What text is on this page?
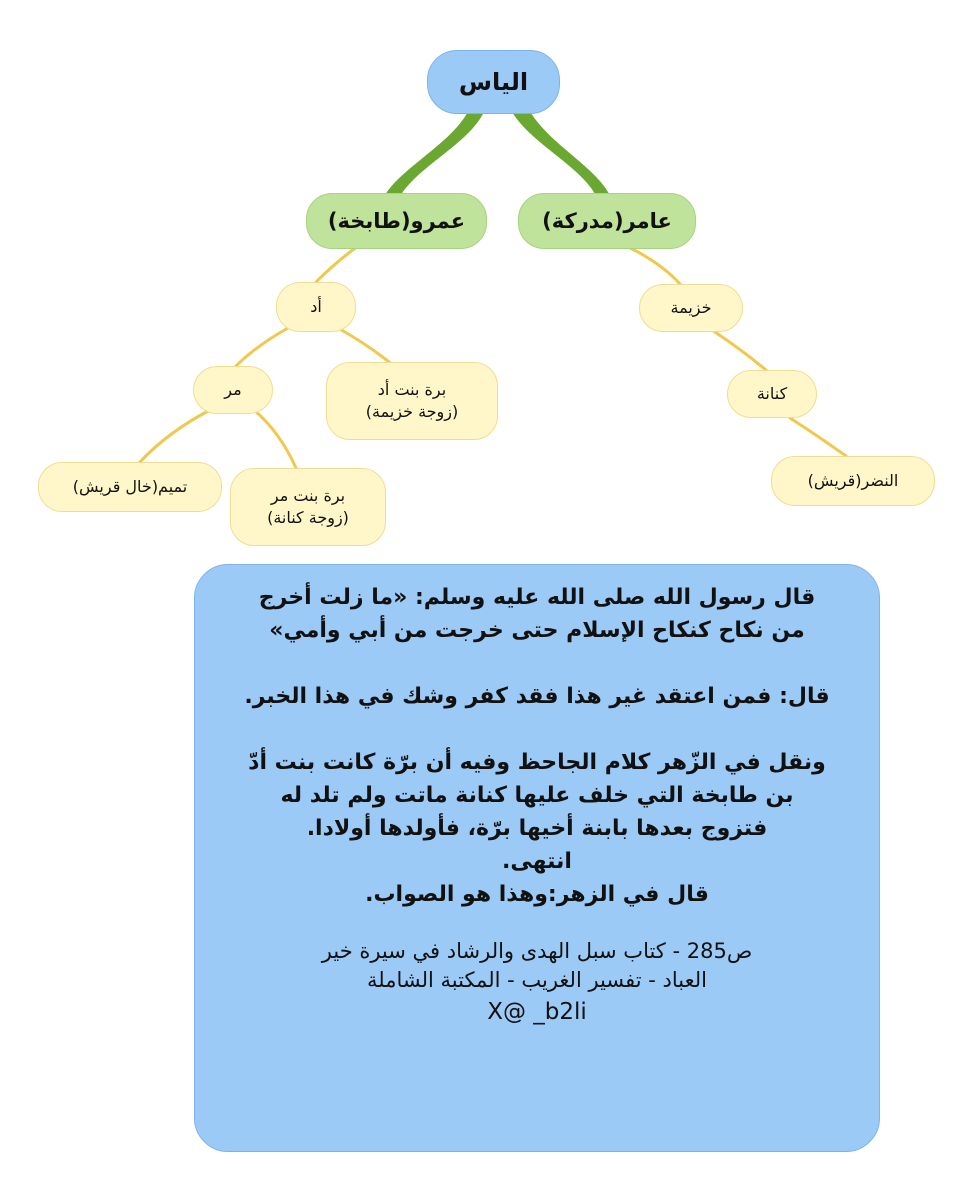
الياس
عمرو(طابخة)	عامر(مدركة)
أد
مر	برة بنت أد
(زوجة خزيمة)
تميم(خال قريش)	برة بنت مر
(زوجة كنانة)
خزيمة
كنانة
النضر(قريش)
قال رسول الله صلى الله عليه وسلم: «ما زلت أخرج
من نكاح كنكاح الإسلام حتى خرجت من أبي وأمي»
قال: فمن اعتقد غير هذا فقد كفر وشك في هذا الخبر.
ونقل في الزّهر كلام الجاحظ وفيه أن برّة كانت بنت أدّ
بن طابخة التي خلف عليها كنانة ماتت ولم تلد له
فتزوج بعدها بابنة أخيها برّة، فأولدها أولادا.
انتهى.
قال في الزهر:وهذا هو الصواب.
ص285 - كتاب سبل الهدى والرشاد في سيرة خير
العباد - تفسير الغريب - المكتبة الشاملة
X@ _b2li
